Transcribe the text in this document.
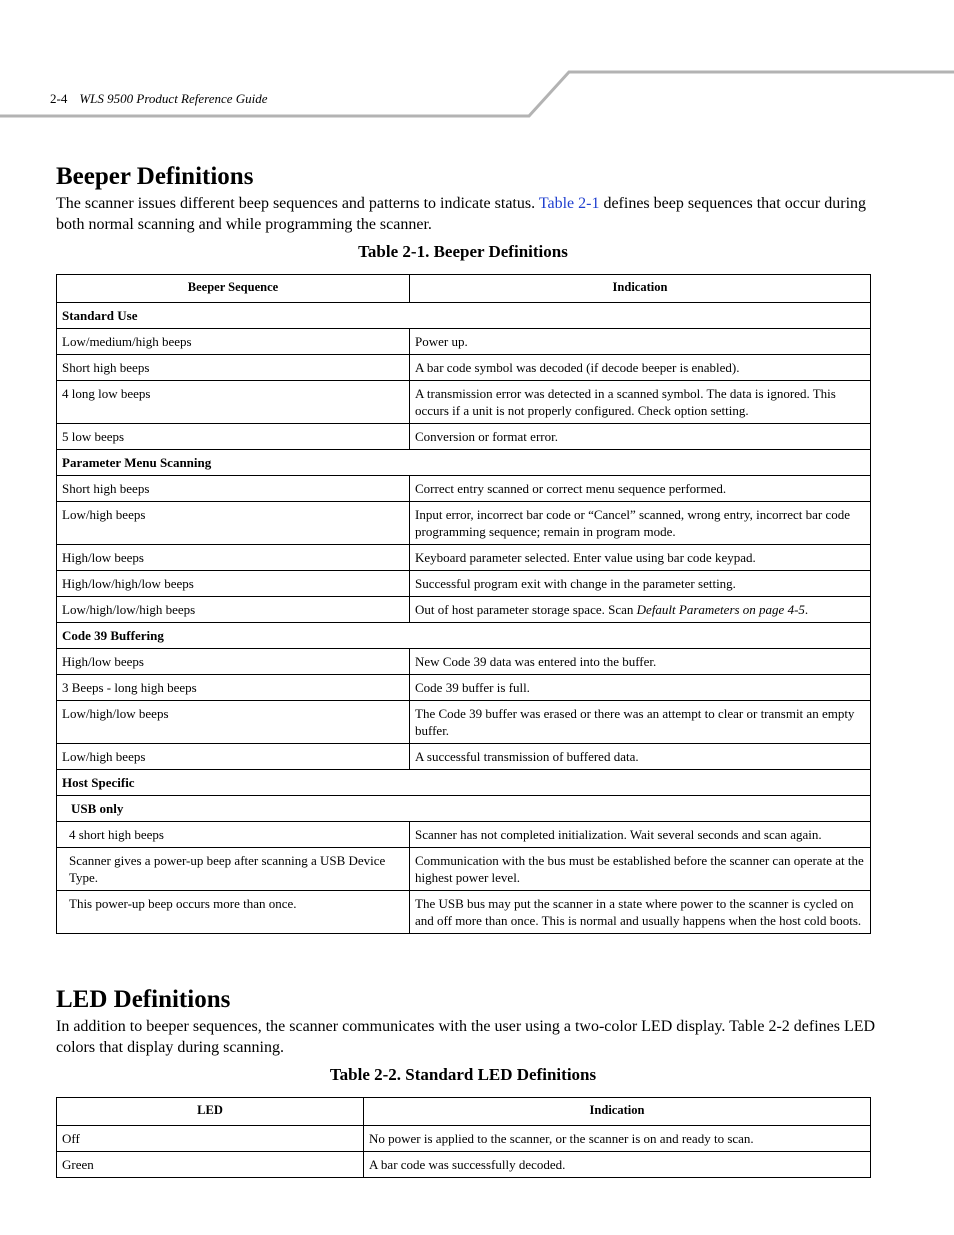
2-4 WLS 9500 Product Reference Guide
Beeper Definitions

The scanner issues different beep sequences and patterns to indicate status. Table 2-1 defines beep sequences that occur during both normal scanning and while programming the scanner.

Table 2-1. Beeper Definitions

Beeper Sequence	Indication
Standard Use	
Low/medium/high beeps	Power up.
Short high beeps	A bar code symbol was decoded (if decode beeper is enabled).
4 long low beeps	A transmission error was detected in a scanned symbol. The data is ignored. This occurs if a unit is not properly configured. Check option setting.
5 low beeps	Conversion or format error.
Parameter Menu Scanning	
Short high beeps	Correct entry scanned or correct menu sequence performed.
Low/high beeps	Input error, incorrect bar code or “Cancel” scanned, wrong entry, incorrect bar code programming sequence; remain in program mode.
High/low beeps	Keyboard parameter selected. Enter value using bar code keypad.
High/low/high/low beeps	Successful program exit with change in the parameter setting.
Low/high/low/high beeps	Out of host parameter storage space. Scan Default Parameters on page 4-5.
Code 39 Buffering	
High/low beeps	New Code 39 data was entered into the buffer.
3 Beeps - long high beeps	Code 39 buffer is full.
Low/high/low beeps	The Code 39 buffer was erased or there was an attempt to clear or transmit an empty buffer.
Low/high beeps	A successful transmission of buffered data.
Host Specific	
USB only	
4 short high beeps	Scanner has not completed initialization. Wait several seconds and scan again.
Scanner gives a power-up beep after scanning a USB Device Type.	Communication with the bus must be established before the scanner can operate at the highest power level.
This power-up beep occurs more than once.	The USB bus may put the scanner in a state where power to the scanner is cycled on and off more than once. This is normal and usually happens when the host cold boots.
LED Definitions

In addition to beeper sequences, the scanner communicates with the user using a two-color LED display. Table 2-2 defines LED colors that display during scanning.

Table 2-2. Standard LED Definitions

LED	Indication
Off	No power is applied to the scanner, or the scanner is on and ready to scan.
Green	A bar code was successfully decoded.
